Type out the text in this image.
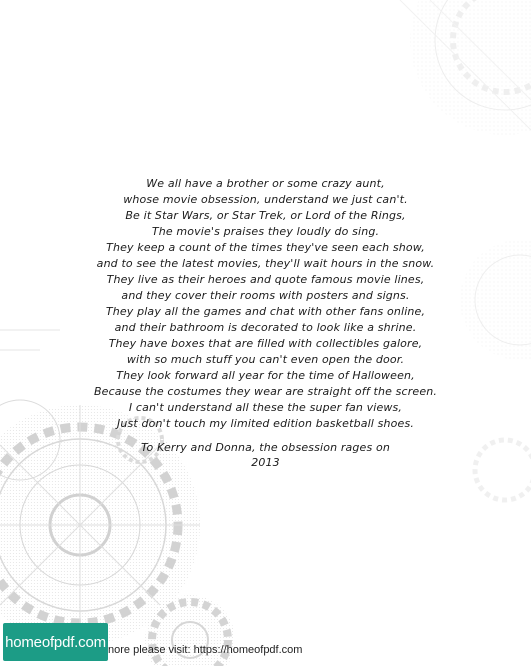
We all have a brother or some crazy aunt,
whose movie obsession, understand we just can't.
Be it Star Wars, or Star Trek, or Lord of the Rings,
The movie's praises they loudly do sing.
They keep a count of the times they've seen each show,
and to see the latest movies, they'll wait hours in the snow.
They live as their heroes and quote famous movie lines,
and they cover their rooms with posters and signs.
They play all the games and chat with other fans online,
and their bathroom is decorated to look like a shrine.
They have boxes that are filled with collectibles galore,
with so much stuff you can't even open the door.
They look forward all year for the time of Halloween,
Because the costumes they wear are straight off the screen.
I can't understand all these the super fan views,
Just don't touch my limited edition basketball shoes.
To Kerry and Donna, the obsession rages on
2013
homeofpdf.com nore please visit: https://homeofpdf.com
